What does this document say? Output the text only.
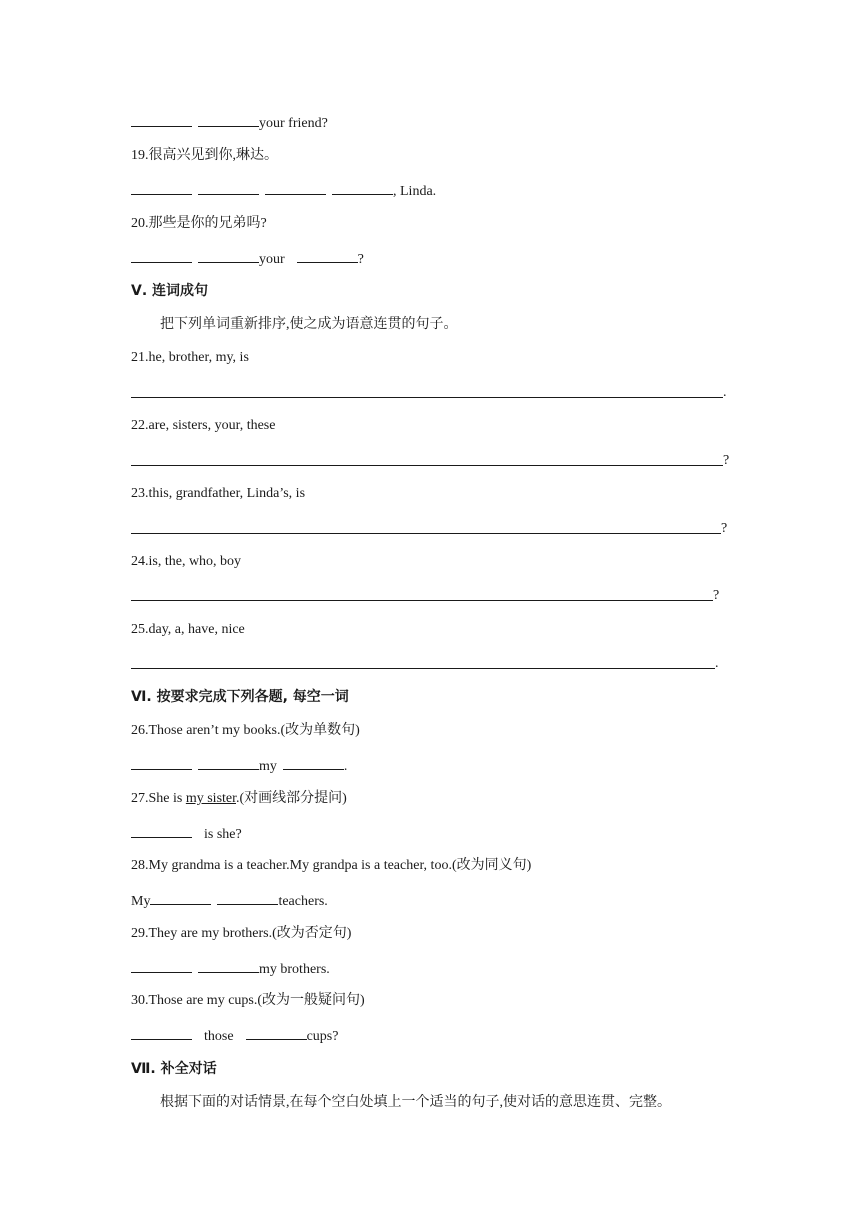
your friend?
19.很高兴见到你,琳达。
, Linda.
20.那些是你的兄弟吗?
your	?
Ⅴ. 连词成句
把下列单词重新排序,使之成为语意连贯的句子。
21.he, brother, my, is
.
22.are, sisters, your, these
?
23.this, grandfather, Linda’s, is
?
24.is, the, who, boy
?
25.day, a, have, nice
.
Ⅵ. 按要求完成下列各题, 每空一词
26.Those aren’t my books.(改为单数句)
my	.
27.She is my sister.(对画线部分提问)
is she?
28.My grandma is a teacher.My grandpa is a teacher, too.(改为同义句)
My	teachers.
29.They are my brothers.(改为否定句)
my brothers.
30.Those are my cups.(改为一般疑问句)
those	cups?
Ⅶ. 补全对话
根据下面的对话情景,在每个空白处填上一个适当的句子,使对话的意思连贯、完整。
